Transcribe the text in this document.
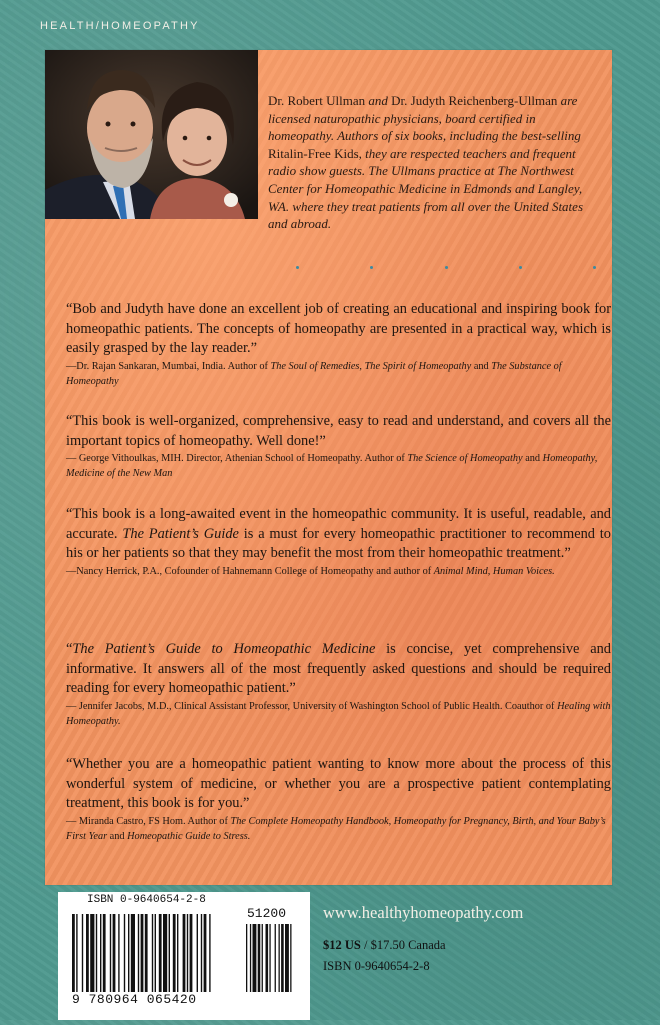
HEALTH/HOMEOPATHY
Dr. Robert Ullman and Dr. Judyth Reichenberg-Ullman are licensed naturopathic physicians, board certified in homeopathy. Authors of six books, including the best-selling Ritalin-Free Kids, they are respected teachers and frequent radio show guests. The Ullmans practice at The Northwest Center for Homeopathic Medicine in Edmonds and Langley, WA. where they treat patients from all over the United States and abroad.
“Bob and Judyth have done an excellent job of creating an educational and inspiring book for homeopathic patients. The concepts of homeopathy are presented in a practical way, which is easily grasped by the lay reader.”
—Dr. Rajan Sankaran, Mumbai, India. Author of The Soul of Remedies, The Spirit of Homeopathy and The Substance of Homeopathy
“This book is well-organized, comprehensive, easy to read and understand, and covers all the important topics of homeopathy. Well done!”
— George Vithoulkas, MIH. Director, Athenian School of Homeopathy. Author of The Science of Homeopathy and Homeopathy, Medicine of the New Man
“This book is a long-awaited event in the homeopathic community. It is useful, readable, and accurate. The Patient’s Guide is a must for every homeopathic practitioner to recommend to his or her patients so that they may benefit the most from their homeopathic treatment.”
—Nancy Herrick, P.A., Cofounder of Hahnemann College of Homeopathy and author of Animal Mind, Human Voices.
“The Patient’s Guide to Homeopathic Medicine is concise, yet comprehensive and informative. It answers all of the most frequently asked questions and should be required reading for every homeopathic patient.”
— Jennifer Jacobs, M.D., Clinical Assistant Professor, University of Washington School of Public Health. Coauthor of Healing with Homeopathy.
“Whether you are a homeopathic patient wanting to know more about the process of this wonderful system of medicine, or whether you are a prospective patient contemplating treatment, this book is for you.”
— Miranda Castro, FS Hom. Author of The Complete Homeopathy Handbook, Homeopathy for Pregnancy, Birth, and Your Baby’s First Year and Homeopathic Guide to Stress.
ISBN 0-9640654-2-8
51200
9 780964 065420
www.healthyhomeopathy.com
$12 US / $17.50 Canada
ISBN 0-9640654-2-8
